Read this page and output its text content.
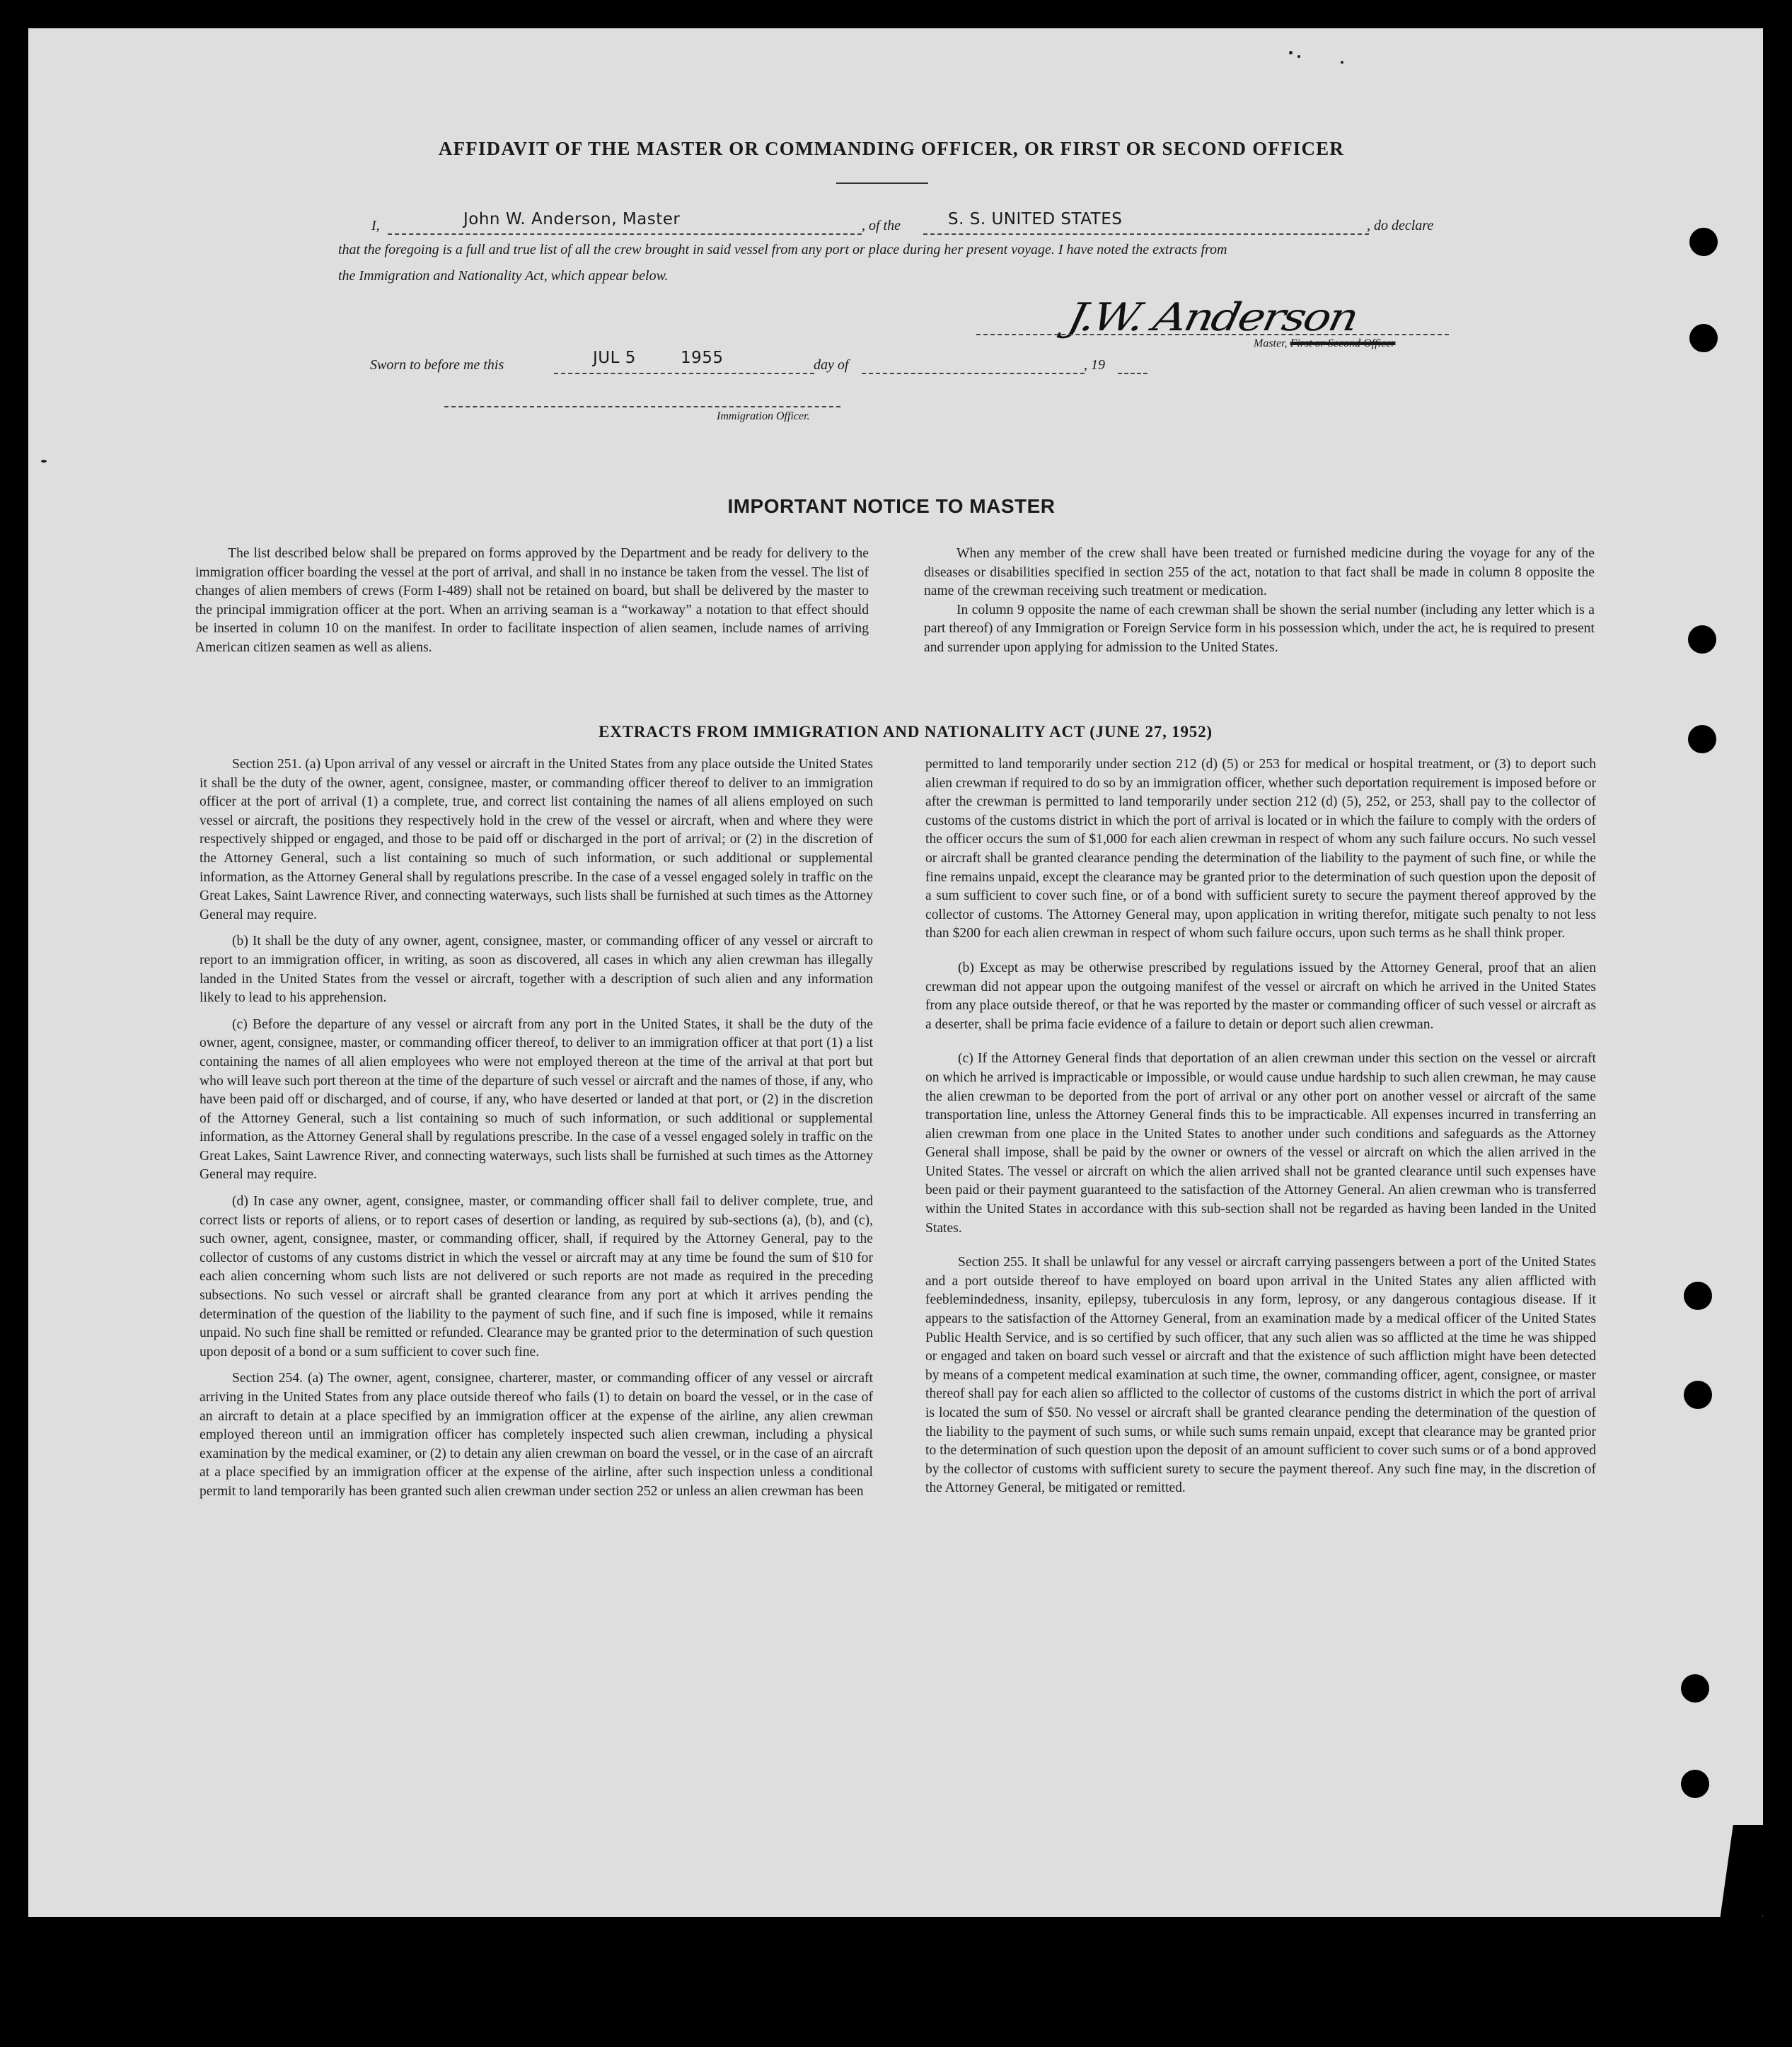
AFFIDAVIT OF THE MASTER OR COMMANDING OFFICER, OR FIRST OR SECOND OFFICER
I,	John W. Anderson, Master	, of the	S. S. UNITED STATES	, do declare
that the foregoing is a full and true list of all the crew brought in said vessel from any port or place during her present voyage. I have noted the extracts from
the Immigration and Nationality Act, which appear below.
J.W. Anderson
Master, First or Second Officer
Sworn to before me this	JUL 5	1955	day of	, 19
Immigration Officer.
IMPORTANT NOTICE TO MASTER

The list described below shall be prepared on forms approved by the Department and be ready for delivery to the immigration officer boarding the vessel at the port of arrival, and shall in no instance be taken from the vessel. The list of changes of alien members of crews (Form I-489) shall not be retained on board, but shall be delivered by the master to the principal immigration officer at the port. When an arriving seaman is a “workaway” a notation to that effect should be inserted in column 10 on the manifest. In order to facilitate inspection of alien seamen, include names of arriving American citizen seamen as well as aliens.

When any member of the crew shall have been treated or furnished medicine during the voyage for any of the diseases or disabilities specified in section 255 of the act, notation to that fact shall be made in column 8 opposite the name of the crewman receiving such treatment or medication.

In column 9 opposite the name of each crewman shall be shown the serial number (including any letter which is a part thereof) of any Immigration or Foreign Service form in his possession which, under the act, he is required to present and surrender upon applying for admission to the United States.

EXTRACTS FROM IMMIGRATION AND NATIONALITY ACT (JUNE 27, 1952)

Section 251. (a) Upon arrival of any vessel or aircraft in the United States from any place outside the United States it shall be the duty of the owner, agent, consignee, master, or commanding officer thereof to deliver to an immigration officer at the port of arrival (1) a complete, true, and correct list containing the names of all aliens employed on such vessel or aircraft, the positions they respectively hold in the crew of the vessel or aircraft, when and where they were respectively shipped or engaged, and those to be paid off or discharged in the port of arrival; or (2) in the discretion of the Attorney General, such a list containing so much of such information, or such additional or supplemental information, as the Attorney General shall by regulations prescribe. In the case of a vessel engaged solely in traffic on the Great Lakes, Saint Lawrence River, and connecting waterways, such lists shall be furnished at such times as the Attorney General may require.

(b) It shall be the duty of any owner, agent, consignee, master, or commanding officer of any vessel or aircraft to report to an immigration officer, in writing, as soon as discovered, all cases in which any alien crewman has illegally landed in the United States from the vessel or aircraft, together with a description of such alien and any information likely to lead to his apprehension.

(c) Before the departure of any vessel or aircraft from any port in the United States, it shall be the duty of the owner, agent, consignee, master, or commanding officer thereof, to deliver to an immigration officer at that port (1) a list containing the names of all alien employees who were not employed thereon at the time of the arrival at that port but who will leave such port thereon at the time of the departure of such vessel or aircraft and the names of those, if any, who have been paid off or discharged, and of course, if any, who have deserted or landed at that port, or (2) in the discretion of the Attorney General, such a list containing so much of such information, or such additional or supplemental information, as the Attorney General shall by regulations prescribe. In the case of a vessel engaged solely in traffic on the Great Lakes, Saint Lawrence River, and connecting waterways, such lists shall be furnished at such times as the Attorney General may require.

(d) In case any owner, agent, consignee, master, or commanding officer shall fail to deliver complete, true, and correct lists or reports of aliens, or to report cases of desertion or landing, as required by sub-sections (a), (b), and (c), such owner, agent, consignee, master, or commanding officer, shall, if required by the Attorney General, pay to the collector of customs of any customs district in which the vessel or aircraft may at any time be found the sum of $10 for each alien concerning whom such lists are not delivered or such reports are not made as required in the preceding subsections. No such vessel or aircraft shall be granted clearance from any port at which it arrives pending the determination of the question of the liability to the payment of such fine, and if such fine is imposed, while it remains unpaid. No such fine shall be remitted or refunded. Clearance may be granted prior to the determination of such question upon deposit of a bond or a sum sufficient to cover such fine.

Section 254. (a) The owner, agent, consignee, charterer, master, or commanding officer of any vessel or aircraft arriving in the United States from any place outside thereof who fails (1) to detain on board the vessel, or in the case of an aircraft to detain at a place specified by an immigration officer at the expense of the airline, any alien crewman employed thereon until an immigration officer has completely inspected such alien crewman, including a physical examination by the medical examiner, or (2) to detain any alien crewman on board the vessel, or in the case of an aircraft at a place specified by an immigration officer at the expense of the airline, after such inspection unless a conditional permit to land temporarily has been granted such alien crewman under section 252 or unless an alien crewman has been

permitted to land temporarily under section 212 (d) (5) or 253 for medical or hospital treatment, or (3) to deport such alien crewman if required to do so by an immigration officer, whether such deportation requirement is imposed before or after the crewman is permitted to land temporarily under section 212 (d) (5), 252, or 253, shall pay to the collector of customs of the customs district in which the port of arrival is located or in which the failure to comply with the orders of the officer occurs the sum of $1,000 for each alien crewman in respect of whom any such failure occurs. No such vessel or aircraft shall be granted clearance pending the determination of the liability to the payment of such fine, or while the fine remains unpaid, except the clearance may be granted prior to the determination of such question upon the deposit of a sum sufficient to cover such fine, or of a bond with sufficient surety to secure the payment thereof approved by the collector of customs. The Attorney General may, upon application in writing therefor, mitigate such penalty to not less than $200 for each alien crewman in respect of whom such failure occurs, upon such terms as he shall think proper.

(b) Except as may be otherwise prescribed by regulations issued by the Attorney General, proof that an alien crewman did not appear upon the outgoing manifest of the vessel or aircraft on which he arrived in the United States from any place outside thereof, or that he was reported by the master or commanding officer of such vessel or aircraft as a deserter, shall be prima facie evidence of a failure to detain or deport such alien crewman.

(c) If the Attorney General finds that deportation of an alien crewman under this section on the vessel or aircraft on which he arrived is impracticable or impossible, or would cause undue hardship to such alien crewman, he may cause the alien crewman to be deported from the port of arrival or any other port on another vessel or aircraft of the same transportation line, unless the Attorney General finds this to be impracticable. All expenses incurred in transferring an alien crewman from one place in the United States to another under such conditions and safeguards as the Attorney General shall impose, shall be paid by the owner or owners of the vessel or aircraft on which the alien arrived in the United States. The vessel or aircraft on which the alien arrived shall not be granted clearance until such expenses have been paid or their payment guaranteed to the satisfaction of the Attorney General. An alien crewman who is transferred within the United States in accordance with this sub-section shall not be regarded as having been landed in the United States.

Section 255. It shall be unlawful for any vessel or aircraft carrying passengers between a port of the United States and a port outside thereof to have employed on board upon arrival in the United States any alien afflicted with feeblemindedness, insanity, epilepsy, tuberculosis in any form, leprosy, or any dangerous contagious disease. If it appears to the satisfaction of the Attorney General, from an examination made by a medical officer of the United States Public Health Service, and is so certified by such officer, that any such alien was so afflicted at the time he was shipped or engaged and taken on board such vessel or aircraft and that the existence of such affliction might have been detected by means of a competent medical examination at such time, the owner, commanding officer, agent, consignee, or master thereof shall pay for each alien so afflicted to the collector of customs of the customs district in which the port of arrival is located the sum of $50. No vessel or aircraft shall be granted clearance pending the determination of the question of the liability to the payment of such sums, or while such sums remain unpaid, except that clearance may be granted prior to the determination of such question upon the deposit of an amount sufficient to cover such sums or of a bond approved by the collector of customs with sufficient surety to secure the payment thereof. Any such fine may, in the discretion of the Attorney General, be mitigated or remitted.
